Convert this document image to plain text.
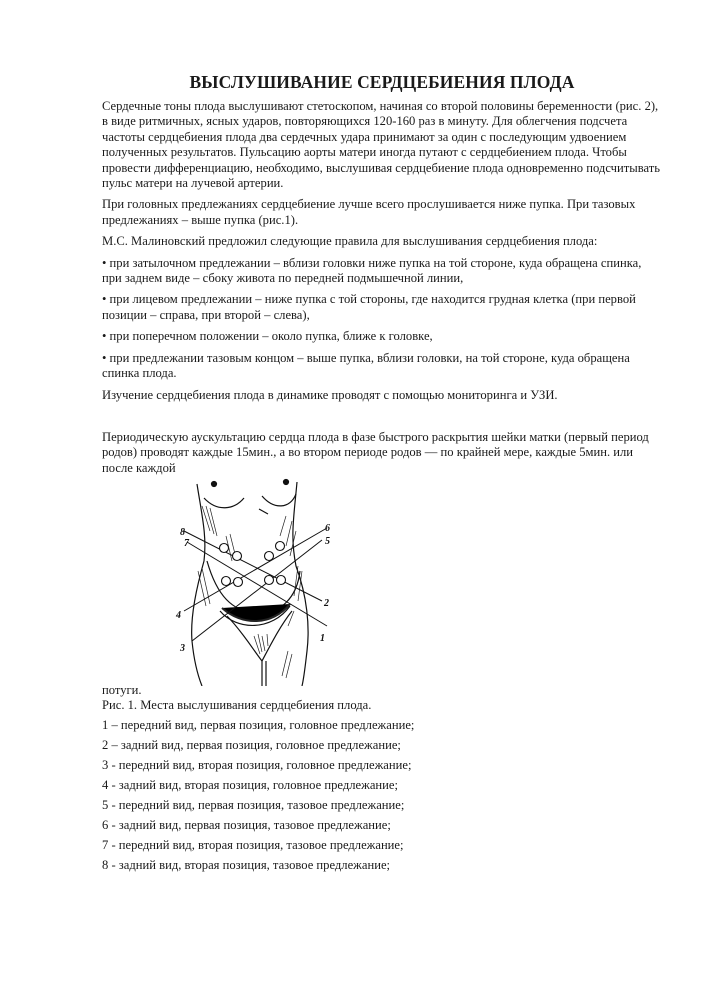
ВЫСЛУШИВАНИЕ СЕРДЦЕБИЕНИЯ ПЛОДА

Сердечные тоны плода выслушивают стетоскопом, начиная со второй половины беременности (рис. 2), в виде ритмичных, ясных ударов, повторяющихся 120-160 раз в минуту. Для облегчения подсчета частоты сердцебиения плода два сердечных удара принимают за один с последующим удвоением полученных результатов. Пульсацию аорты матери иногда путают с сердцебиением плода. Чтобы провести дифференциацию, необходимо, выслушивая сердцебиение плода одновременно подсчитывать пульс матери на лучевой артерии.

При головных предлежаниях сердцебиение лучше всего прослушивается ниже пупка. При тазовых предлежаниях – выше пупка (рис.1).

М.С. Малиновский предложил следующие правила для выслушивания сердцебиения плода:

• при затылочном предлежании – вблизи головки ниже пупка на той стороне, куда обращена спинка, при заднем виде – сбоку живота по передней подмышечной линии,

• при лицевом предлежании – ниже пупка с той стороны, где находится грудная клетка (при первой позиции – справа, при второй – слева),

• при поперечном положении – около пупка, ближе к головке,

• при предлежании тазовым концом – выше пупка, вблизи головки, на той стороне, куда обращена спинка плода.

Изучение сердцебиения плода в динамике проводят с помощью мониторинга и УЗИ.

Периодическую аускультацию сердца плода в фазе быстрого раскрытия шейки матки (первый период родов) проводят каждые 15мин., а во втором периоде родов — по крайней мере, каждые 5мин. или после каждой

2
1
3
4
5
6
7
8

потуги.

Рис. 1. Места выслушивания сердцебиения плода.

1 – передний вид, первая позиция, головное предлежание;

2 – задний вид, первая позиция, головное предлежание;

3 - передний вид, вторая позиция, головное предлежание;

4 - задний вид, вторая позиция, головное предлежание;

5 - передний вид, первая позиция, тазовое предлежание;

6 - задний вид, первая позиция, тазовое предлежание;

7 - передний вид, вторая позиция, тазовое предлежание;

8 - задний вид, вторая позиция, тазовое предлежание;
